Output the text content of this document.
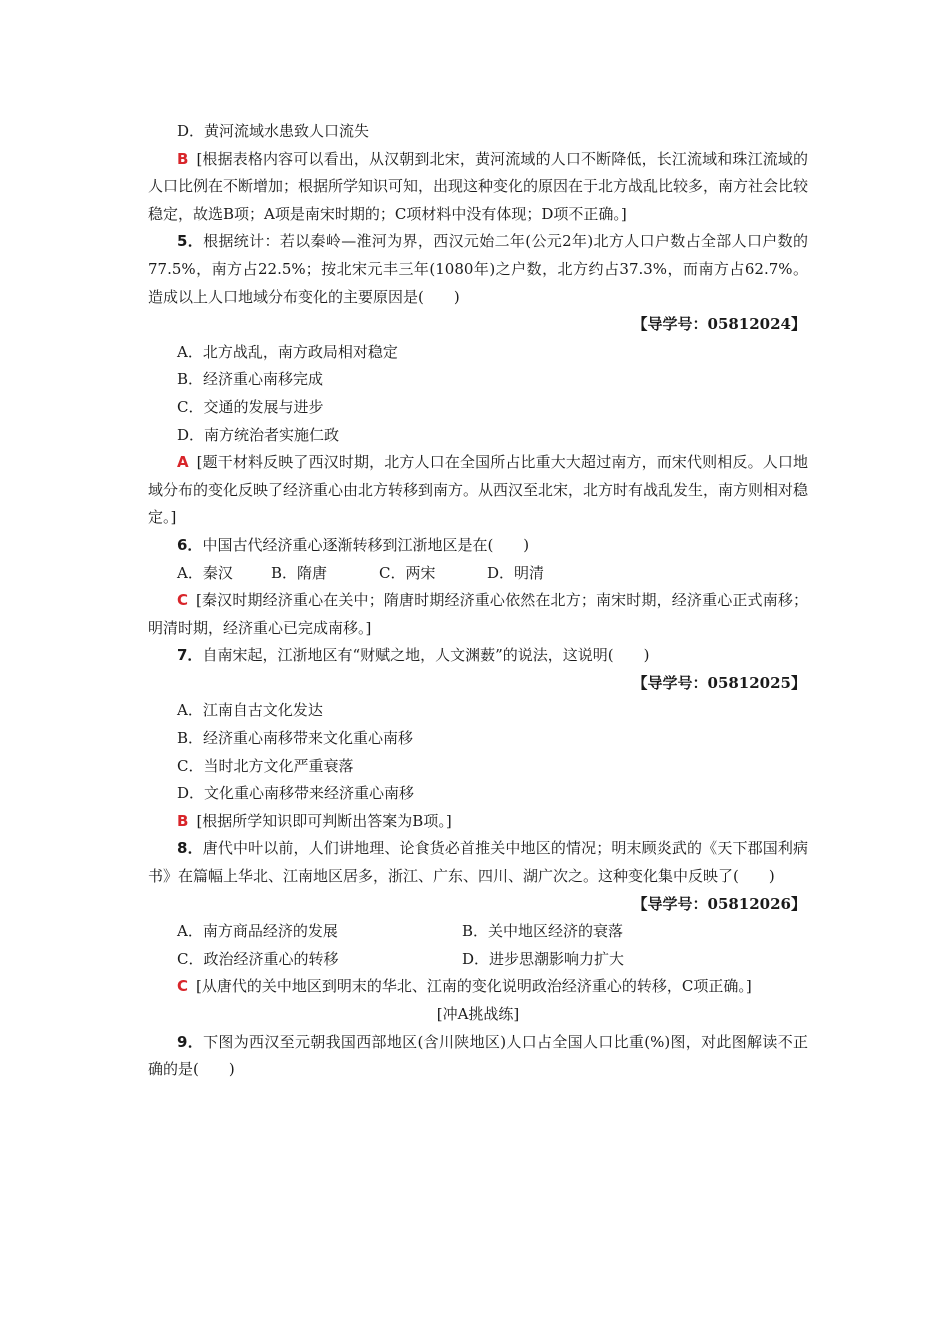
D．黄河流域水患致人口流失

B [根据表格内容可以看出，从汉朝到北宋，黄河流域的人口不断降低，长江流域和珠江流域的人口比例在不断增加；根据所学知识可知，出现这种变化的原因在于北方战乱比较多，南方社会比较稳定，故选B项；A项是南宋时期的；C项材料中没有体现；D项不正确。]

5．根据统计：若以秦岭—淮河为界，西汉元始二年(公元2年)北方人口户数占全部人口户数的77.5%，南方占22.5%；按北宋元丰三年(1080年)之户数，北方约占37.3%，而南方占62.7%。造成以上人口地域分布变化的主要原因是(　　)

【导学号：05812024】

A．北方战乱，南方政局相对稳定

B．经济重心南移完成

C．交通的发展与进步

D．南方统治者实施仁政

A [题干材料反映了西汉时期，北方人口在全国所占比重大大超过南方，而宋代则相反。人口地域分布的变化反映了经济重心由北方转移到南方。从西汉至北宋，北方时有战乱发生，南方则相对稳定。]

6．中国古代经济重心逐渐转移到江浙地区是在(　　)

A．秦汉	B．隋唐	C．两宋	D．明清

C [秦汉时期经济重心在关中；隋唐时期经济重心依然在北方；南宋时期，经济重心正式南移；明清时期，经济重心已完成南移。]

7．自南宋起，江浙地区有“财赋之地，人文渊薮”的说法，这说明(　　)

【导学号：05812025】

A．江南自古文化发达

B．经济重心南移带来文化重心南移

C．当时北方文化严重衰落

D．文化重心南移带来经济重心南移

B [根据所学知识即可判断出答案为B项。]

8．唐代中叶以前，人们讲地理、论食货必首推关中地区的情况；明末顾炎武的《天下郡国利病书》在篇幅上华北、江南地区居多，浙江、广东、四川、湖广次之。这种变化集中反映了(　　)

【导学号：05812026】

A．南方商品经济的发展	B．关中地区经济的衰落
C．政治经济重心的转移	D．进步思潮影响力扩大

C [从唐代的关中地区到明末的华北、江南的变化说明政治经济重心的转移，C项正确。]

[冲A挑战练]

9．下图为西汉至元朝我国西部地区(含川陕地区)人口占全国人口比重(%)图，对此图解读不正确的是(　　)
